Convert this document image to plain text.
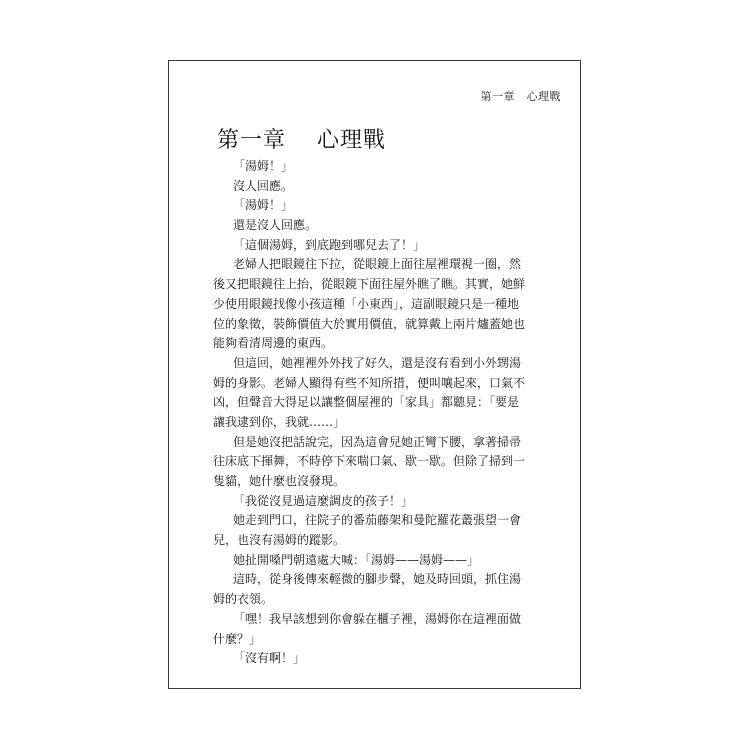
第一章　心理戰
第一章　 心理戰
「湯姆！」
沒人回應。
「湯姆！」
還是沒人回應。
「這個湯姆，到底跑到哪兒去了！」
老婦人把眼鏡往下拉，從眼鏡上面往屋裡環視一圈，然
後又把眼鏡往上抬，從眼鏡下面往屋外瞧了瞧。其實，她鮮
少使用眼鏡找像小孩這種「小東西」，這副眼鏡只是一種地
位的象徵，裝飾價值大於實用價值，就算戴上兩片爐蓋她也
能夠看清周邊的東西。
但這回，她裡裡外外找了好久，還是沒有看到小外甥湯
姆的身影。老婦人顯得有些不知所措，便叫嚷起來，口氣不
凶，但聲音大得足以讓整個屋裡的「家具」都聽見：「要是
讓我逮到你，我就……」
但是她沒把話說完，因為這會兒她正彎下腰，拿著掃帚
往床底下揮舞，不時停下來喘口氣、歇一歇。但除了掃到一
隻貓，她什麼也沒發現。
「我從沒見過這麼調皮的孩子！」
她走到門口，往院子的番茄藤架和曼陀羅花叢張望一會
兒，也沒有湯姆的蹤影。
她扯開嗓門朝遠處大喊：「湯姆——湯姆——」
這時，從身後傳來輕微的腳步聲，她及時回頭，抓住湯
姆的衣領。
「嘿！我早該想到你會躲在櫃子裡，湯姆你在這裡面做
什麼？」
「沒有啊！」
